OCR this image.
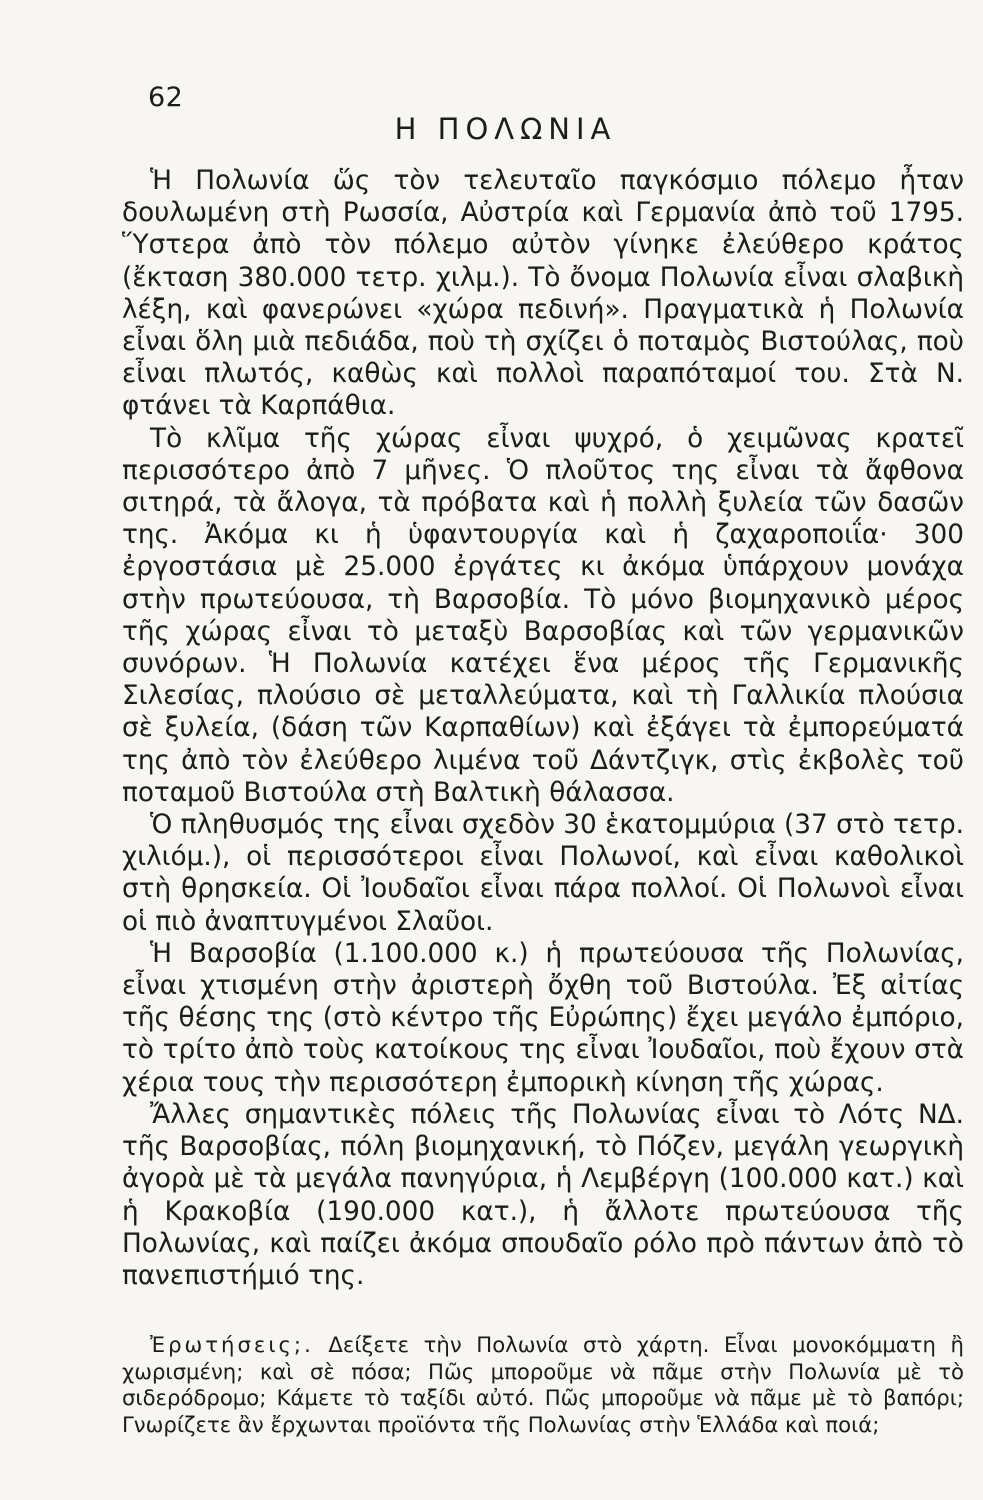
62
Η ΠΟΛΩΝΙΑ

Ἡ Πολωνία ὥς τὸν τελευταῖο παγκόσμιο πόλεμο ἦταν δουλωμένη στὴ Ρωσσία, Αὐστρία καὶ Γερμανία ἀπὸ τοῦ 1795. Ὕστερα ἀπὸ τὸν πόλεμο αὐτὸν γίνηκε ἐλεύθερο κράτος (ἔκταση 380.000 τετρ. χιλμ.). Τὸ ὄνομα Πολωνία εἶναι σλαβικὴ λέξη, καὶ φανερώνει «χώρα πεδινή». Πραγματικὰ ἡ Πολωνία εἶναι ὅλη μιὰ πεδιάδα, ποὺ τὴ σχίζει ὁ ποταμὸς Βιστούλας, ποὺ εἶναι πλωτός, καθὼς καὶ πολλοὶ παραπόταμοί του. Στὰ Ν. φτάνει τὰ Καρπάθια.

Τὸ κλῖμα τῆς χώρας εἶναι ψυχρό, ὁ χειμῶνας κρατεῖ περισσότερο ἀπὸ 7 μῆνες. Ὁ πλοῦτος της εἶναι τὰ ἄφθονα σιτηρά, τὰ ἄλογα, τὰ πρόβατα καὶ ἡ πολλὴ ξυλεία τῶν δασῶν της. Ἀκόμα κι ἡ ὑφαντουργία καὶ ἡ ζαχαροποιΐα· 300 ἐργοστάσια μὲ 25.000 ἐργάτες κι ἀκόμα ὑπάρχουν μονάχα στὴν πρωτεύουσα, τὴ Βαρσοβία. Τὸ μόνο βιομηχανικὸ μέρος τῆς χώρας εἶναι τὸ μεταξὺ Βαρσοβίας καὶ τῶν γερμανικῶν συνόρων. Ἡ Πολωνία κατέχει ἕνα μέρος τῆς Γερμανικῆς Σιλεσίας, πλούσιο σὲ μεταλλεύματα, καὶ τὴ Γαλλικία πλούσια σὲ ξυλεία, (δάση τῶν Καρπαθίων) καὶ ἐξάγει τὰ ἐμπορεύματά της ἀπὸ τὸν ἐλεύθερο λιμένα τοῦ Δάντζιγκ, στὶς ἐκβολὲς τοῦ ποταμοῦ Βιστούλα στὴ Βαλτικὴ θάλασσα.

Ὁ πληθυσμός της εἶναι σχεδὸν 30 ἑκατομμύρια (37 στὸ τετρ. χιλιόμ.), οἱ περισσότεροι εἶναι Πολωνοί, καὶ εἶναι καθολικοὶ στὴ θρησκεία. Οἱ Ἰουδαῖοι εἶναι πάρα πολλοί. Οἱ Πολωνοὶ εἶναι οἱ πιὸ ἀναπτυγμένοι Σλαῦοι.

Ἡ Βαρσοβία (1.100.000 κ.) ἡ πρωτεύουσα τῆς Πολωνίας, εἶναι χτισμένη στὴν ἀριστερὴ ὄχθη τοῦ Βιστούλα. Ἐξ αἰτίας τῆς θέσης της (στὸ κέντρο τῆς Εὐρώπης) ἔχει μεγάλο ἐμπόριο, τὸ τρίτο ἀπὸ τοὺς κατοίκους της εἶναι Ἰουδαῖοι, ποὺ ἔχουν στὰ χέρια τους τὴν περισσότερη ἐμπορικὴ κίνηση τῆς χώρας.

Ἄλλες σημαντικὲς πόλεις τῆς Πολωνίας εἶναι τὸ Λότς ΝΔ. τῆς Βαρσοβίας, πόλη βιομηχανική, τὸ Πόζεν, μεγάλη γεωργικὴ ἀγορὰ μὲ τὰ μεγάλα πανηγύρια, ἡ Λεμβέργη (100.000 κατ.) καὶ ἡ Κρακοβία (190.000 κατ.), ἡ ἄλλοτε πρωτεύουσα τῆς Πολωνίας, καὶ παίζει ἀκόμα σπουδαῖο ρόλο πρὸ πάντων ἀπὸ τὸ πανεπιστήμιό της.

Ἐρωτήσεις;. Δείξετε τὴν Πολωνία στὸ χάρτη. Εἶναι μονοκόμματη ἢ χωρισμένη; καὶ σὲ πόσα; Πῶς μποροῦμε νὰ πᾶμε στὴν Πολωνία μὲ τὸ σιδερόδρομο; Κάμετε τὸ ταξίδι αὐτό. Πῶς μποροῦμε νὰ πᾶμε μὲ τὸ βαπόρι; Γνωρίζετε ἂν ἔρχωνται προϊόντα τῆς Πολωνίας στὴν Ἑλλάδα καὶ ποιά;
